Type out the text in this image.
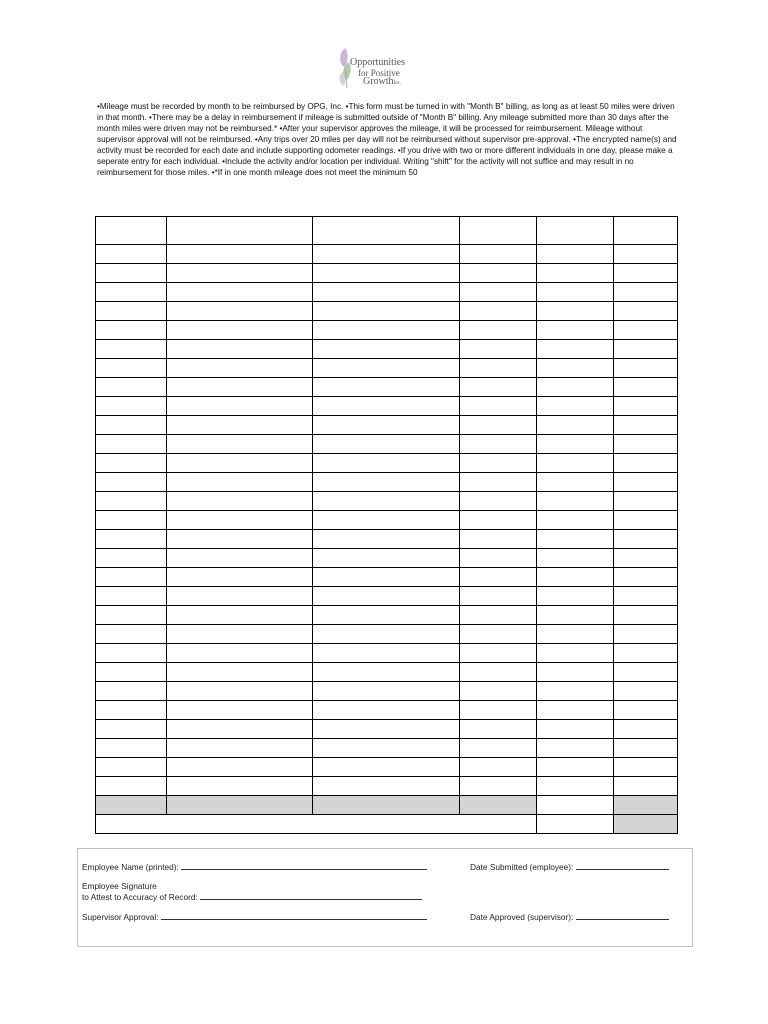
Opportunities
for Positive
GrowthInc.
•Mileage must be recorded by month to be reimbursed by OPG, Inc. •This form must be turned in with "Month B" billing, as long as at least 50 miles were driven in that month. •There may be a delay in reimbursement if mileage is submitted outside of "Month B" billing. Any mileage submitted more than 30 days after the month miles were driven may not be reimbursed.* •After your supervisor approves the mileage, it will be processed for reimbursement. Mileage without supervisor approval will not be reimbursed. •Any trips over 20 miles per day will not be reimbursed without supervisor pre-approval. •The encrypted name(s) and activity must be recorded for each date and include supporting odometer readings. •If you drive with two or more different individuals in one day, please make a seperate entry for each individual. •Include the activity and/or location per individual. Writing "shift" for the activity will not suffice and may result in no reimbursement for those miles. •*If in one month mileage does not meet the minimum 50

Employee Name (printed):	Date Submitted (employee):
Employee Signature
to Attest to Accuracy of Record:
Supervisor Approval:	Date Approved (supervisor):
